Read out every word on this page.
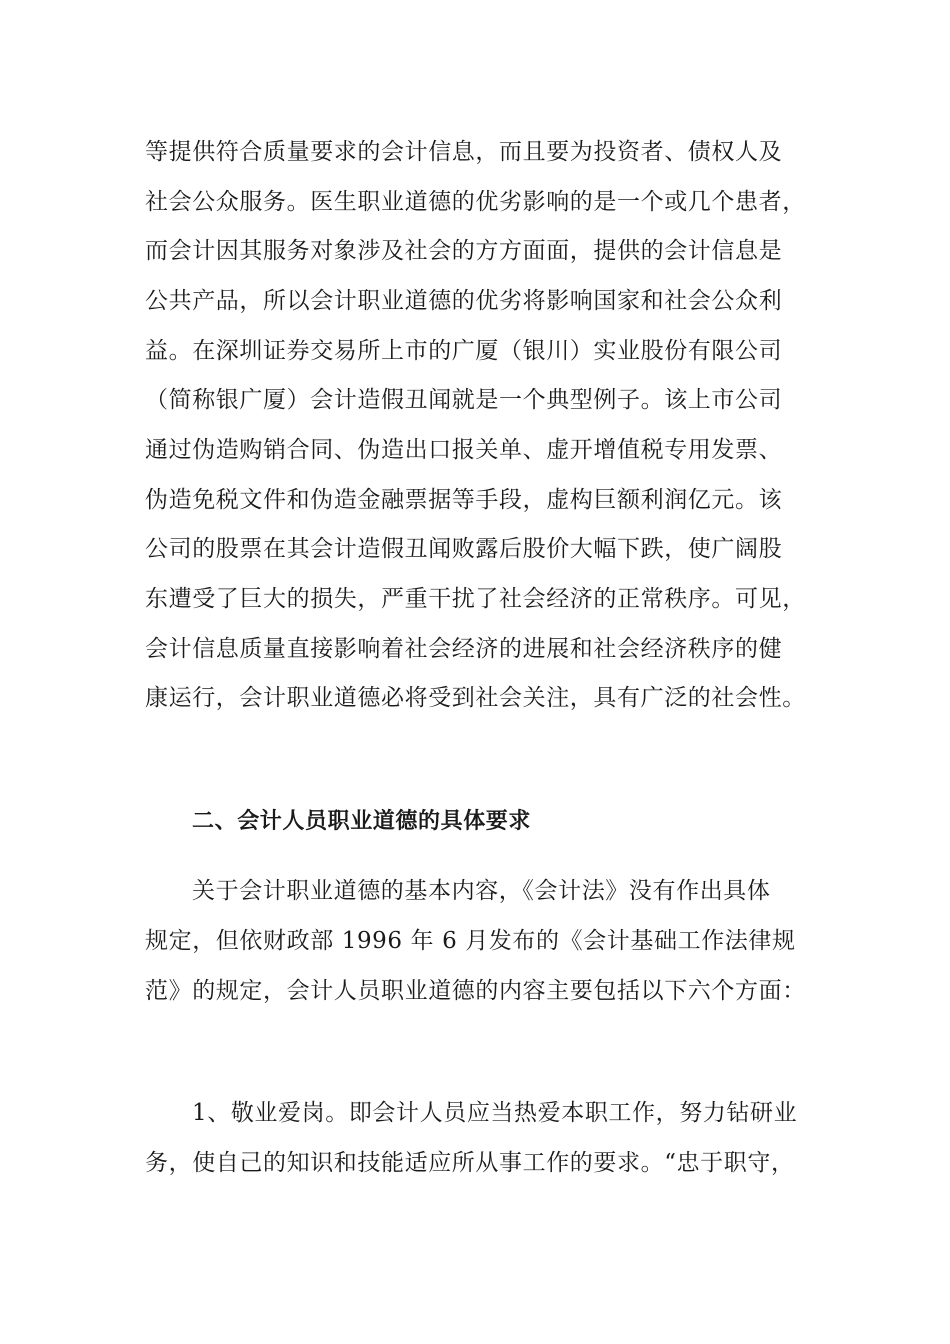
等提供符合质量要求的会计信息，而且要为投资者、债权人及
社会公众服务。医生职业道德的优劣影响的是一个或几个患者，
而会计因其服务对象涉及社会的方方面面，提供的会计信息是
公共产品，所以会计职业道德的优劣将影响国家和社会公众利
益。在深圳证券交易所上市的广厦（银川）实业股份有限公司
（简称银广厦）会计造假丑闻就是一个典型例子。该上市公司
通过伪造购销合同、伪造出口报关单、虚开增值税专用发票、
伪造免税文件和伪造金融票据等手段，虚构巨额利润亿元。该
公司的股票在其会计造假丑闻败露后股价大幅下跌，使广阔股
东遭受了巨大的损失，严重干扰了社会经济的正常秩序。可见，
会计信息质量直接影响着社会经济的进展和社会经济秩序的健
康运行，会计职业道德必将受到社会关注，具有广泛的社会性。
二、会计人员职业道德的具体要求
关于会计职业道德的基本内容，《会计法》没有作出具体
规定，但依财政部 1996 年 6 月发布的《会计基础工作法律规
范》的规定，会计人员职业道德的内容主要包括以下六个方面：
1、敬业爱岗。即会计人员应当热爱本职工作，努力钻研业
务，使自己的知识和技能适应所从事工作的要求。“忠于职守，
